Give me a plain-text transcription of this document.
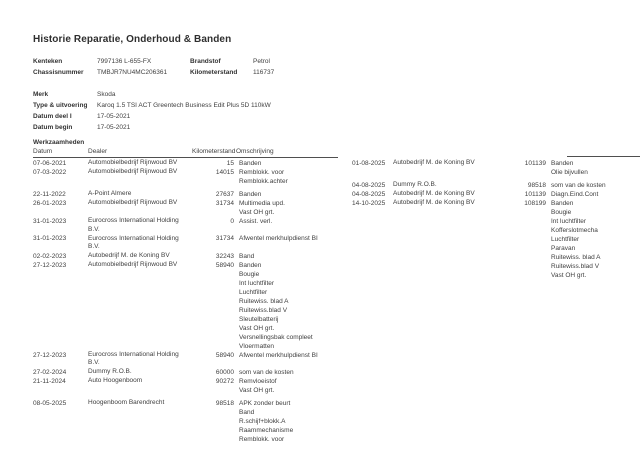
Historie Reparatie, Onderhoud & Banden
Kenteken	7997136 L-655-FX	Brandstof	Petrol
Chassisnummer TMBJR7NU4MC206361	Kilometerstand 116737
Merk	Skoda
Type & uitvoering Karoq 1.5 TSI ACT Greentech Business Edit Plus 5D 110kW
Datum deel I	17-05-2021
Datum begin	17-05-2021
Werkzaamheden
Datum	Dealer	Kilometerstand Omschrijving
07-06-2021	Automobielbedrijf Rijnwoud BV	15 Banden
07-03-2022	Automobielbedrijf Rijnwoud BV	14015 Remblokk. voor
Remblokk.achter
22-11-2022	A-Point Almere	27637 Banden
26-01-2023	Automobielbedrijf Rijnwoud BV	31734 Multimedia upd.
Vast OH grt.
31-01-2023	Eurocross International Holding B.V.
0 Assist. verl.
31-01-2023	Eurocross International Holding B.V.
31734 Afwentel merkhulpdienst BI
02-02-2023	Autobedrijf M. de Koning BV	32243 Band
27-12-2023	Automobielbedrijf Rijnwoud BV	58940 Banden
Bougie
Int luchtfilter
Luchtfilter
Ruitewiss. blad A
Ruitewiss.blad V
Sleutelbatterij
Vast OH grt.
Versnellingsbak compleet
Vloermatten
27-12-2023	Eurocross International Holding B.V.
58940 Afwentel merkhulpdienst BI
27-02-2024	Dummy R.O.B.	60000 som van de kosten
21-11-2024	Auto Hoogenboom	90272 Remvloeistof
Vast OH grt.
08-05-2025	Hoogenboom Barendrecht	98518 APK zonder beurt
Band
R.schijf+blokk.A
Raammechanisme
Remblokk. voor
01-08-2025	Autobedrijf M. de Koning BV	101139 Banden
Olie bijvullen
04-08-2025	Dummy R.O.B.	98518 som van de kosten
04-08-2025	Autobedrijf M. de Koning BV	101139 Diagn.Eind.Cont
14-10-2025	Autobedrijf M. de Koning BV	108199 Banden
Bougie
Int luchtfilter
Kofferslotmecha
Luchtfilter
Paravan
Ruitewiss. blad A
Ruitewiss.blad V
Vast OH grt.
